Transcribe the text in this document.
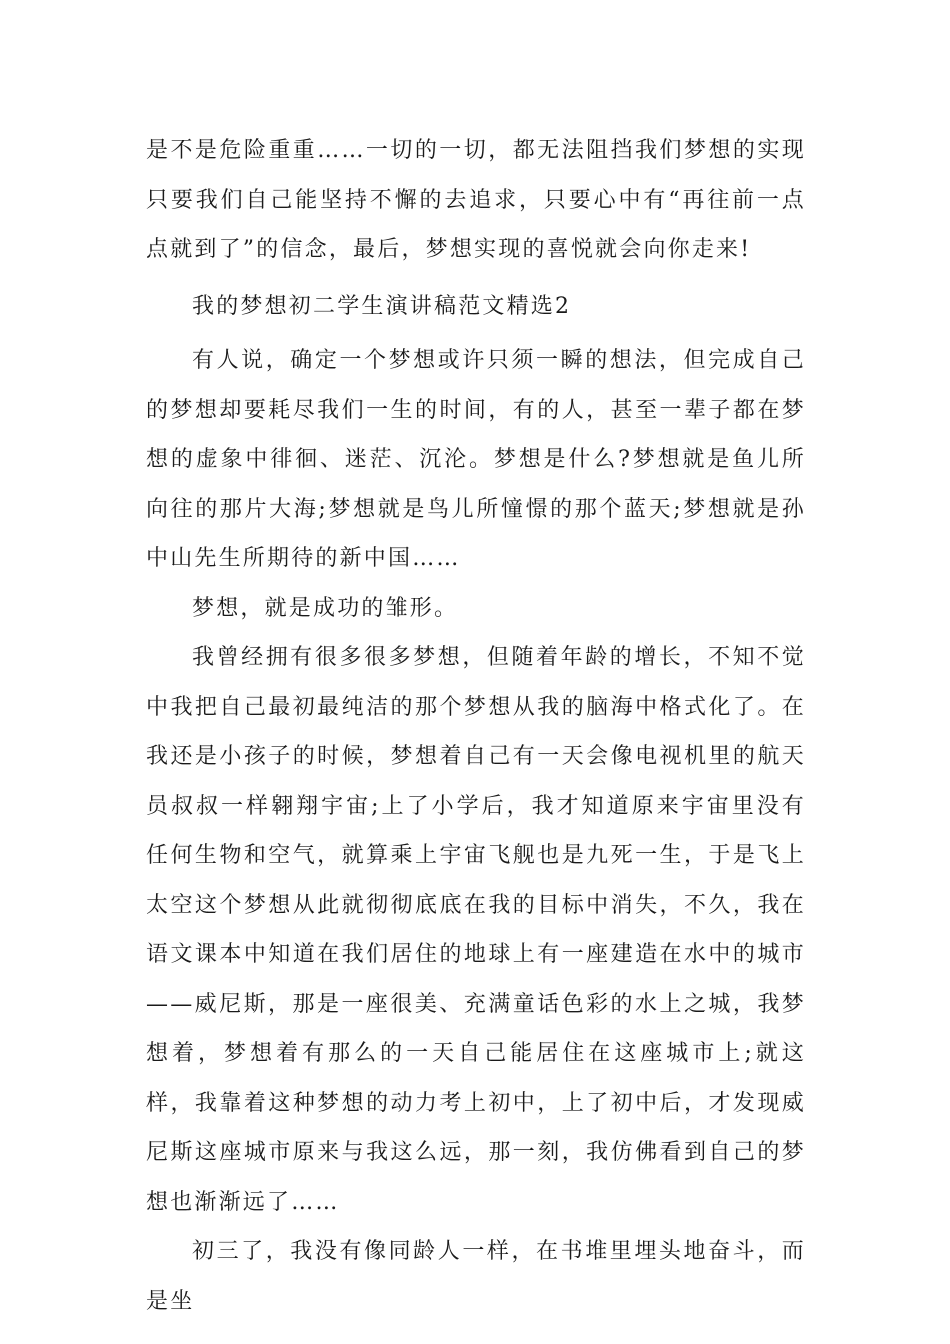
是不是危险重重……一切的一切，都无法阻挡我们梦想的实现只要我们自己能坚持不懈的去追求，只要心中有“再往前一点点就到了”的信念，最后，梦想实现的喜悦就会向你走来!

我的梦想初二学生演讲稿范文精选2

有人说，确定一个梦想或许只须一瞬的想法，但完成自己的梦想却要耗尽我们一生的时间，有的人，甚至一辈子都在梦想的虚象中徘徊、迷茫、沉沦。梦想是什么?梦想就是鱼儿所向往的那片大海;梦想就是鸟儿所憧憬的那个蓝天;梦想就是孙中山先生所期待的新中国……

梦想，就是成功的雏形。

我曾经拥有很多很多梦想，但随着年龄的增长，不知不觉中我把自己最初最纯洁的那个梦想从我的脑海中格式化了。在我还是小孩子的时候，梦想着自己有一天会像电视机里的航天员叔叔一样翱翔宇宙;上了小学后，我才知道原来宇宙里没有任何生物和空气，就算乘上宇宙飞舰也是九死一生，于是飞上太空这个梦想从此就彻彻底底在我的目标中消失，不久，我在语文课本中知道在我们居住的地球上有一座建造在水中的城市——威尼斯，那是一座很美、充满童话色彩的水上之城，我梦想着，梦想着有那么的一天自己能居住在这座城市上;就这样，我靠着这种梦想的动力考上初中，上了初中后，才发现威尼斯这座城市原来与我这么远，那一刻，我仿佛看到自己的梦想也渐渐远了……

初三了，我没有像同龄人一样，在书堆里埋头地奋斗，而是坐
